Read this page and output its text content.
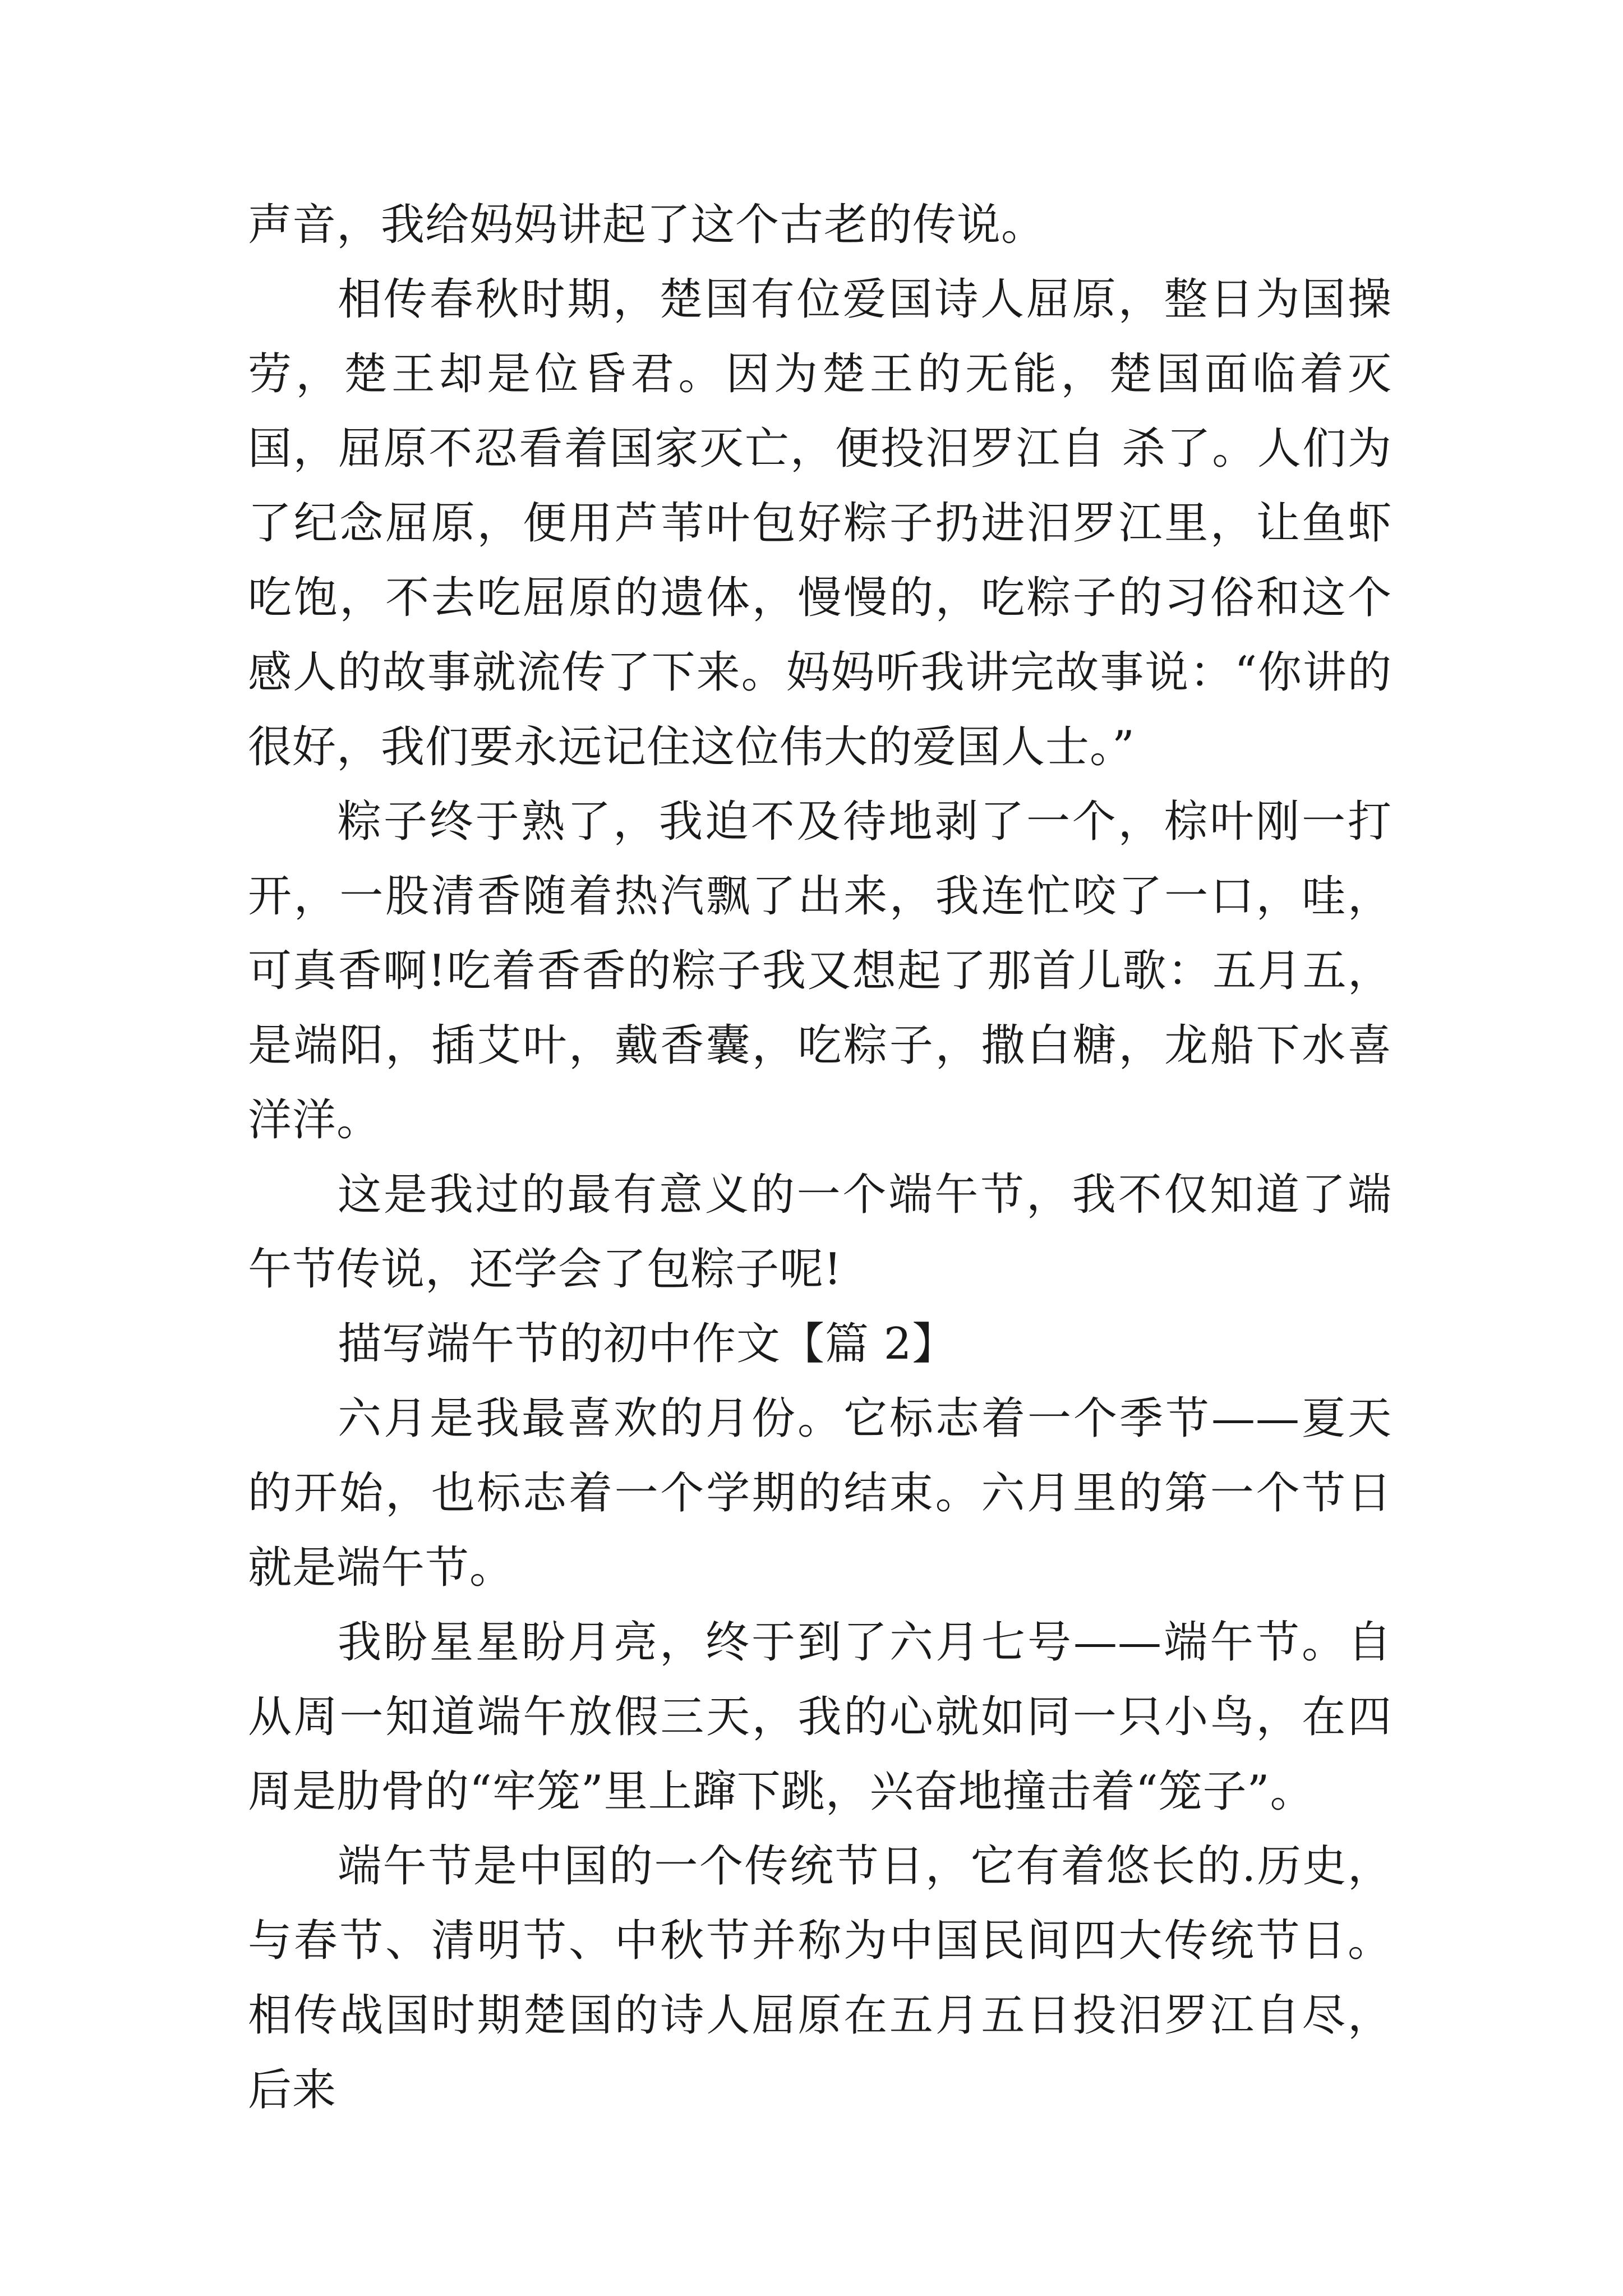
声音，我给妈妈讲起了这个古老的传说。

相传春秋时期，楚国有位爱国诗人屈原，整日为国操劳，楚王却是位昏君。因为楚王的无能，楚国面临着灭国，屈原不忍看着国家灭亡，便投汨罗江自 杀了。人们为了纪念屈原，便用芦苇叶包好粽子扔进汨罗江里，让鱼虾吃饱，不去吃屈原的遗体，慢慢的，吃粽子的习俗和这个感人的故事就流传了下来。妈妈听我讲完故事说：“你讲的很好，我们要永远记住这位伟大的爱国人士。”

粽子终于熟了，我迫不及待地剥了一个，棕叶刚一打开，一股清香随着热汽飘了出来，我连忙咬了一口，哇，可真香啊!吃着香香的粽子我又想起了那首儿歌：五月五，是端阳，插艾叶，戴香囊，吃粽子，撒白糖，龙船下水喜洋洋。

这是我过的最有意义的一个端午节，我不仅知道了端午节传说，还学会了包粽子呢!

描写端午节的初中作文【篇 2】

六月是我最喜欢的月份。它标志着一个季节——夏天的开始，也标志着一个学期的结束。六月里的第一个节日就是端午节。

我盼星星盼月亮，终于到了六月七号——端午节。自从周一知道端午放假三天，我的心就如同一只小鸟，在四周是肋骨的“牢笼”里上蹿下跳，兴奋地撞击着“笼子”。

端午节是中国的一个传统节日，它有着悠长的.历史，与春节、清明节、中秋节并称为中国民间四大传统节日。相传战国时期楚国的诗人屈原在五月五日投汨罗江自尽，后来
